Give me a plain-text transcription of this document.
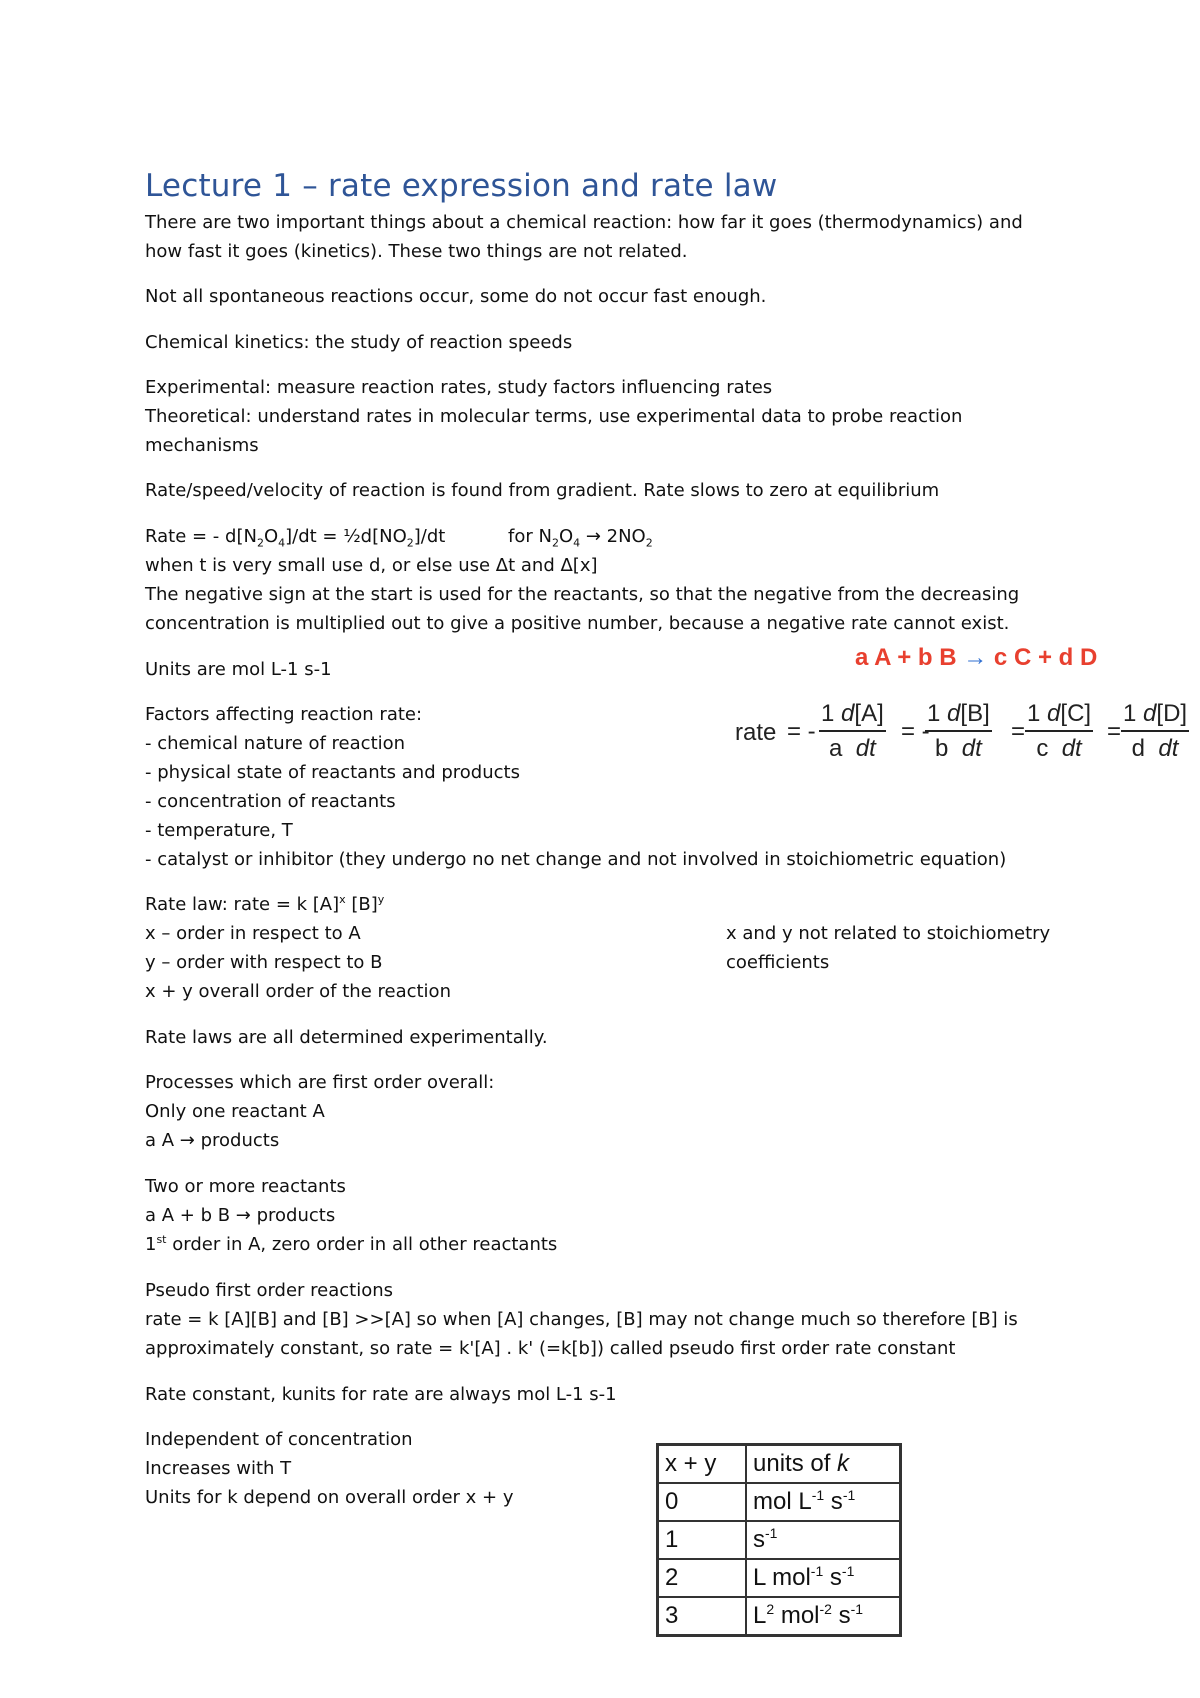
Lecture 1 – rate expression and rate law

There are two important things about a chemical reaction: how far it goes (thermodynamics) and

how fast it goes (kinetics). These two things are not related.

Not all spontaneous reactions occur, some do not occur fast enough.

Chemical kinetics: the study of reaction speeds

Experimental: measure reaction rates, study factors influencing rates

Theoretical: understand rates in molecular terms, use experimental data to probe reaction

mechanisms

Rate/speed/velocity of reaction is found from gradient. Rate slows to zero at equilibrium

Rate = - $d[N_2O_4]/dt$ = $\frac{1}{2}d[NO_2]/dt$	for $N_2O_4 \to 2NO_2$

when t is very small use d, or else use Δt and Δ[x]

The negative sign at the start is used for the reactants, so that the negative from the decreasing

concentration is multiplied out to give a positive number, because a negative rate cannot exist.

Units are mol L-1 s-1	a A + b B → c C + d D
rate = - $\frac{1 d[A]}{\text{a dt}}$ = -
$\frac{1 d[B]}{\text{b dt}} = \frac{1 d[C]}{\text{c dt}} = \frac{1 d[D]}{\text{d dt}}$

Factors affecting reaction rate:

- chemical nature of reaction

- physical state of reactants and products

- concentration of reactants

- temperature, T

- catalyst or inhibitor (they undergo no net change and not involved in stoichiometric equation)

Rate law: rate = k $[A]^x$ $[B]^y$

x – order in respect to A

y – order with respect to B

x + y overall order of the reaction

x and y not related to stoichiometry

coefficients

Rate laws are all determined experimentally.

Processes which are first order overall:

Only one reactant A

a A → products

Two or more reactants

a A + b B → products

1st order in A, zero order in all other reactants

Pseudo first order reactions

rate = k [A][B] and [B] >>[A] so when [A] changes, [B] may not change much so therefore [B] is

approximately constant, so rate = k'[A] . k' (=k[b]) called pseudo first order rate constant

Rate constant, kunits for rate are always mol L-1 s-1

Independent of concentration

Increases with T

Units for k depend on overall order x + y

x + y	units of k
0	mol $L^{-1}$ $s^{-1}$
1	$s^{-1}$
2	L mol$^{-1}$ $s^{-1}$
3	$L^2$ mol$^{-2}$ $s^{-1}$
